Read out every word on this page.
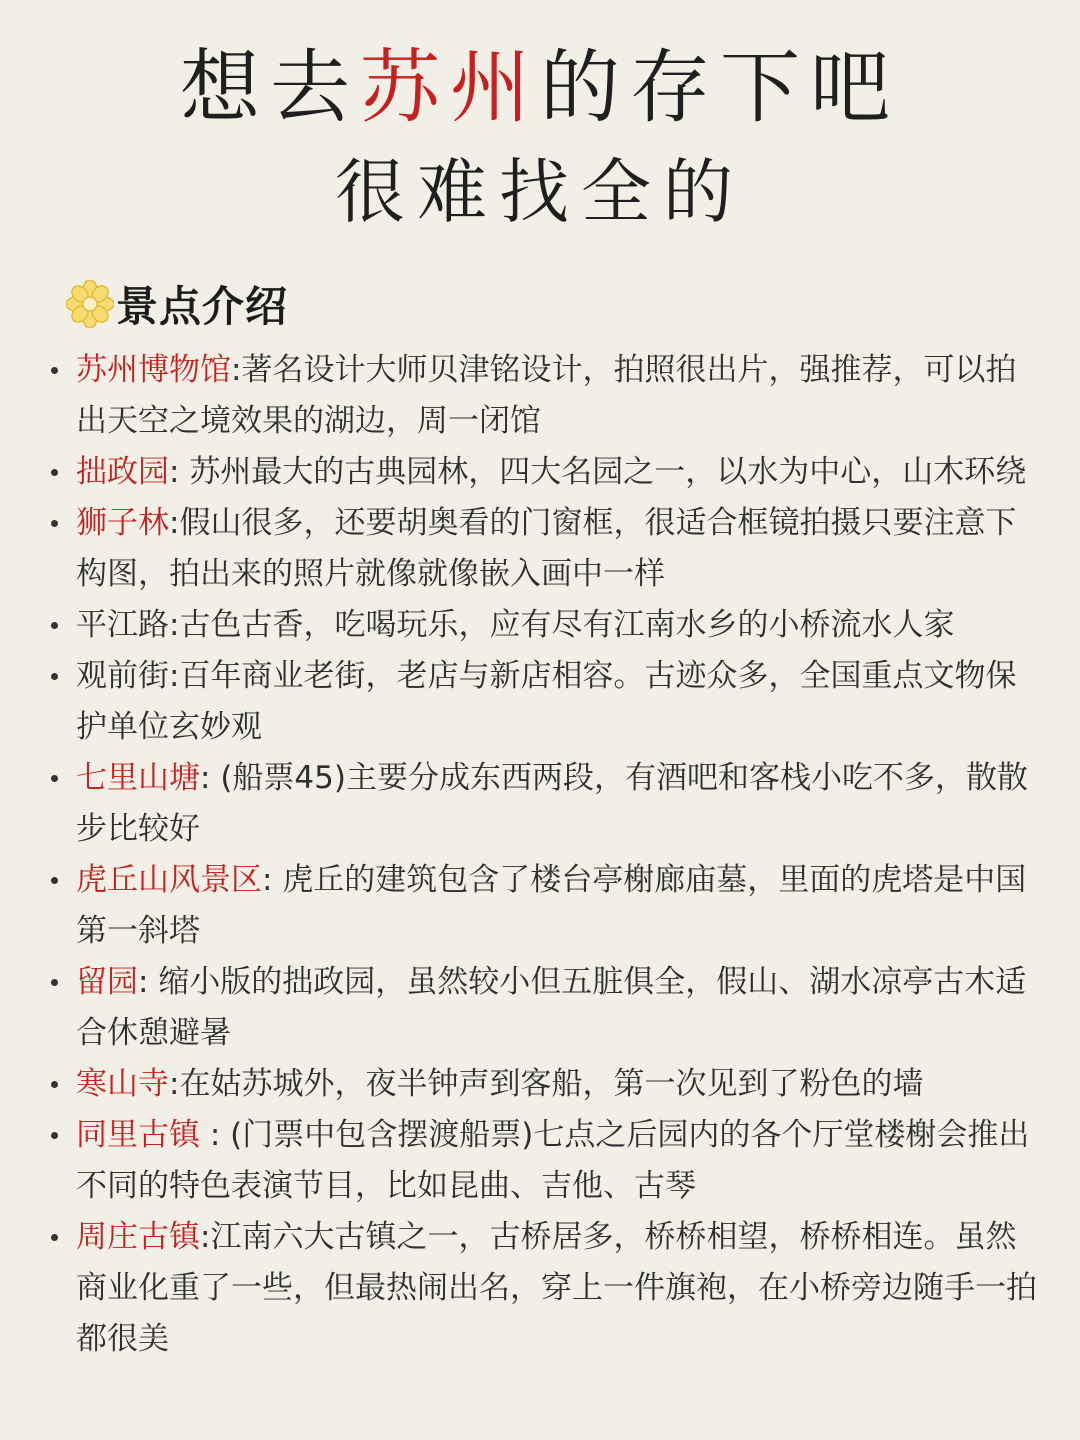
想去苏州的存下吧
很难找全的
景点介绍
苏州博物馆:著名设计大师贝津铭设计，拍照很出片，强推荐，可以拍出天空之境效果的湖边，周一闭馆
拙政园: 苏州最大的古典园林，四大名园之一，以水为中心，山木环绕
狮子林:假山很多，还要胡奥看的门窗框，很适合框镜拍摄只要注意下构图，拍出来的照片就像就像嵌入画中一样
平江路:古色古香，吃喝玩乐，应有尽有江南水乡的小桥流水人家
观前街:百年商业老街，老店与新店相容。古迹众多，全国重点文物保护单位玄妙观
七里山塘: (船票45)主要分成东西两段，有酒吧和客栈小吃不多，散散步比较好
虎丘山风景区: 虎丘的建筑包含了楼台亭榭廊庙墓，里面的虎塔是中国第一斜塔
留园: 缩小版的拙政园，虽然较小但五脏俱全，假山、湖水凉亭古木适合休憩避暑
寒山寺:在姑苏城外，夜半钟声到客船，第一次见到了粉色的墙
同里古镇 : (门票中包含摆渡船票)七点之后园内的各个厅堂楼榭会推出不同的特色表演节目，比如昆曲、吉他、古琴
周庄古镇:江南六大古镇之一，古桥居多，桥桥相望，桥桥相连。虽然商业化重了一些，但最热闹出名，穿上一件旗袍，在小桥旁边随手一拍都很美
